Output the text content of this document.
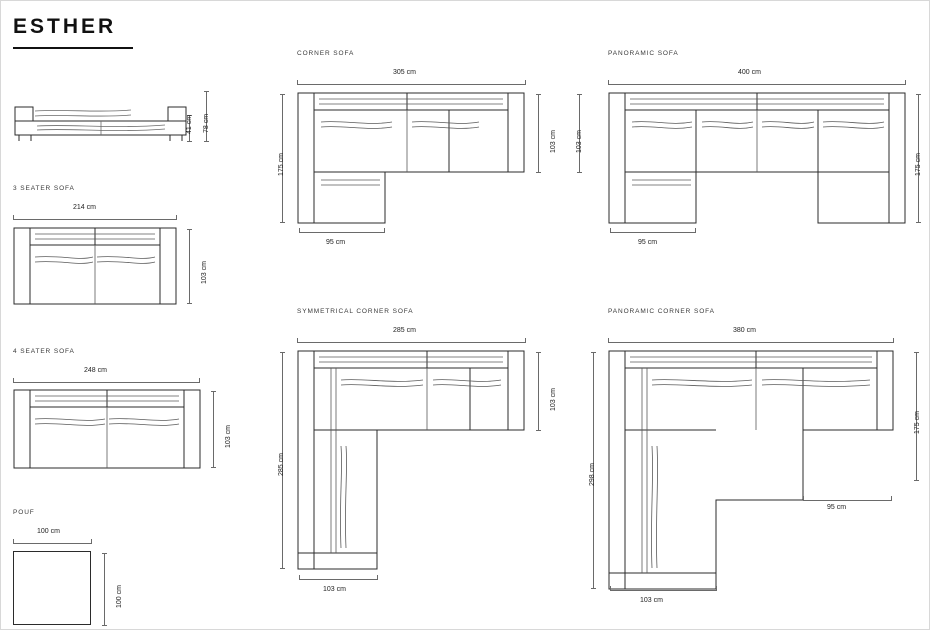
ESTHER
78 cm
41 cm
3 SEATER SOFA
214 cm
103 cm
4 SEATER SOFA
248 cm
103 cm
POUF
100 cm
100 cm
CORNER SOFA
305 cm
175 cm
103 cm
95 cm
PANORAMIC SOFA
400 cm
175 cm
103 cm
95 cm
SYMMETRICAL CORNER SOFA
285 cm
285 cm
103 cm
103 cm
PANORAMIC CORNER SOFA
380 cm
298 cm
175 cm
95 cm
103 cm
